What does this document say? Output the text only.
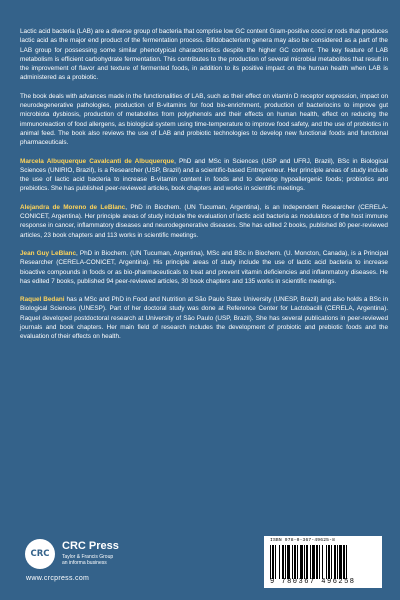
Lactic acid bacteria (LAB) are a diverse group of bacteria that comprise low GC content Gram-positive cocci or rods that produces lactic acid as the major end product of the fermentation process. Bifidobacterium genera may also be considered as a part of the LAB group for possessing some similar phenotypical characteristics despite the higher GC content. The key feature of LAB metabolism is efficient carbohydrate fermentation. This contributes to the production of several microbial metabolites that result in the improvement of flavor and texture of fermented foods, in addition to its positive impact on the human health when LAB is administered as a probiotic.

The book deals with advances made in the functionalities of LAB, such as their effect on vitamin D receptor expression, impact on neurodegenerative pathologies, production of B-vitamins for food bio-enrichment, production of bacteriocins to improve gut microbiota dysbiosis, production of metabolites from polyphenols and their effects on human health, effect on reducing the immunoreaction of food allergens, as biological system using time-temperature to improve food safety, and the use of probiotics in animal feed. The book also reviews the use of LAB and probiotic technologies to develop new functional foods and functional pharmaceuticals.

Marcela Albuquerque Cavalcanti de Albuquerque, PhD and MSc in Sciences (USP and UFRJ, Brazil), BSc in Biological Sciences (UNIRIO, Brazil), is a Researcher (USP, Brazil) and a scientific-based Entrepreneur. Her principle areas of study include the use of lactic acid bacteria to increase B-vitamin content in foods and to develop hypoallergenic foods; probiotics and prebiotics. She has published peer-reviewed articles, book chapters and works in scientific meetings.

Alejandra de Moreno de LeBlanc, PhD in Biochem. (UN Tucuman, Argentina), is an Independent Researcher (CERELA-CONICET, Argentina). Her principle areas of study include the evaluation of lactic acid bacteria as modulators of the host immune response in cancer, inflammatory diseases and neurodegenerative diseases. She has edited 2 books, published 80 peer-reviewed articles, 23 book chapters and 113 works in scientific meetings.

Jean Guy LeBlanc, PhD in Biochem. (UN Tucuman, Argentina), MSc and BSc in Biochem. (U. Moncton, Canada), is a Principal Researcher (CERELA-CONICET, Argentina). His principle areas of study include the use of lactic acid bacteria to increase bioactive compounds in foods or as bio-pharmaceuticals to treat and prevent vitamin deficiencies and inflammatory diseases. He has edited 7 books, published 94 peer-reviewed articles, 30 book chapters and 135 works in scientific meetings.

Raquel Bedani has a MSc and PhD in Food and Nutrition at São Paulo State University (UNESP, Brazil) and also holds a BSc in Biological Sciences (UNESP). Part of her doctoral study was done at Reference Center for Lactobacilli (CERELA, Argentina). Raquel developed postdoctoral research at University of São Paulo (USP, Brazil). She has several publications in peer-reviewed journals and book chapters. Her main field of research includes the development of probiotic and prebiotic foods and the evaluation of their effects on health.

CRC
CRC Press
Taylor & Francis Group
an informa business
www.crcpress.com
ISBN 978-0-367-49625-8
9 780367 496258
